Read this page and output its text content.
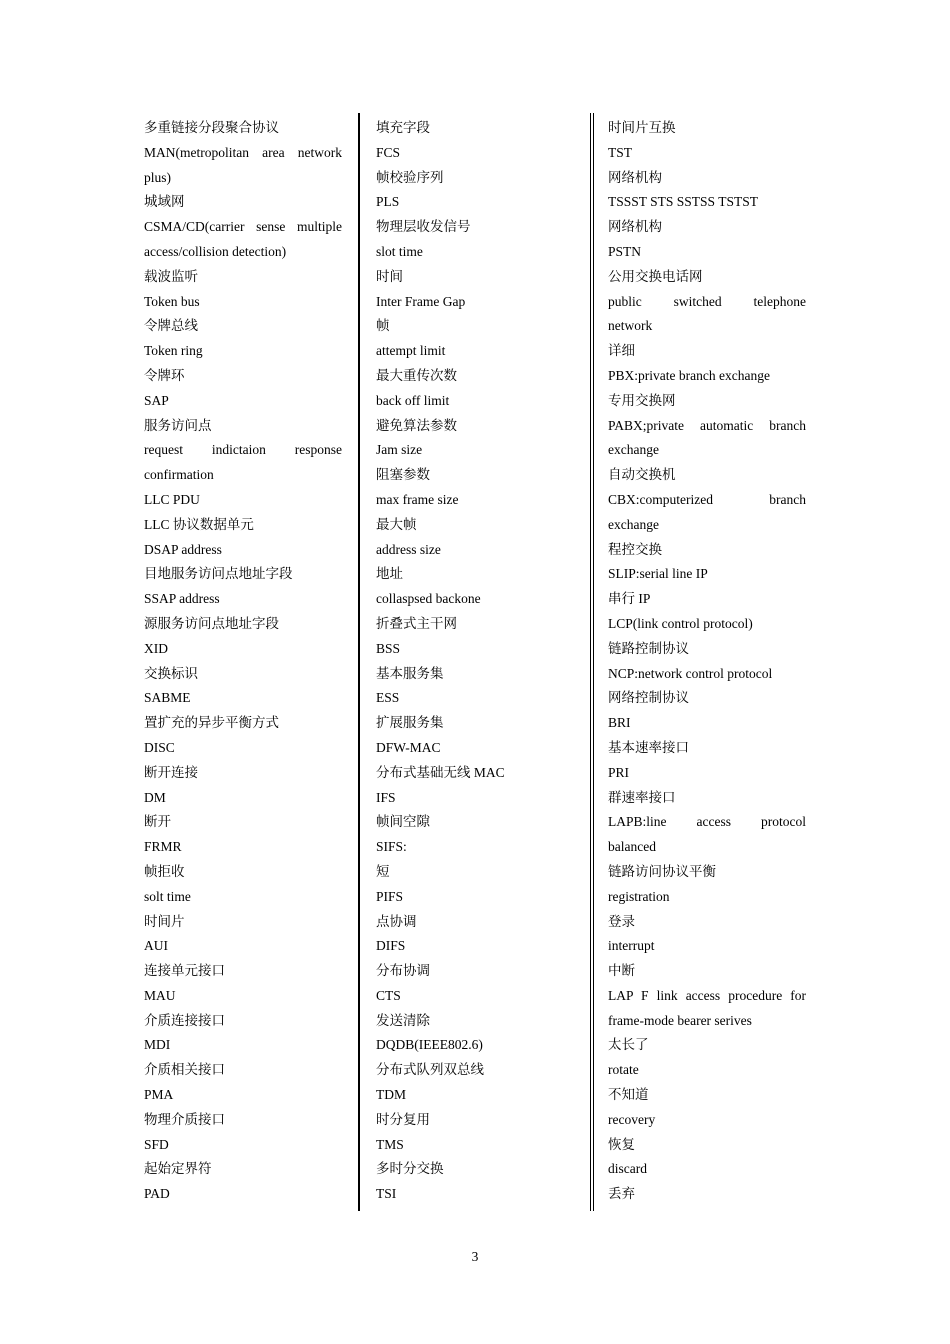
多重链接分段聚合协议
MAN(metropolitan area network
plus)
城域网
CSMA/CD(carrier sense multiple
access/collision detection)
载波监听
Token bus
令牌总线
Token ring
令牌环
SAP
服务访问点
request indictaion response
confirmation
LLC PDU
LLC 协议数据单元
DSAP address
目地服务访问点地址字段
SSAP address
源服务访问点地址字段
XID
交换标识
SABME
置扩充的异步平衡方式
DISC
断开连接
DM
断开
FRMR
帧拒收
solt time
时间片
AUI
连接单元接口
MAU
介质连接接口
MDI
介质相关接口
PMA
物理介质接口
SFD
起始定界符
PAD
填充字段
FCS
帧校验序列
PLS
物理层收发信号
slot time
时间
Inter Frame Gap
帧
attempt limit
最大重传次数
back off limit
避免算法参数
Jam size
阻塞参数
max frame size
最大帧
address size
地址
collaspsed backone
折叠式主干网
BSS
基本服务集
ESS
扩展服务集
DFW-MAC
分布式基础无线 MAC
IFS
帧间空隙
SIFS:
短
PIFS
点协调
DIFS
分布协调
CTS
发送清除
DQDB(IEEE802.6)
分布式队列双总线
TDM
时分复用
TMS
多时分交换
TSI
时间片互换
TST
网络机构
TSSST STS SSTSS TSTST
网络机构
PSTN
公用交换电话网
public switched telephone
network
详细
PBX:private branch exchange
专用交换网
PABX;private automatic branch
exchange
自动交换机
CBX:computerized branch
exchange
程控交换
SLIP:serial line IP
串行 IP
LCP(link control protocol)
链路控制协议
NCP:network control protocol
网络控制协议
BRI
基本速率接口
PRI
群速率接口
LAPB:line access protocol
balanced
链路访问协议平衡
registration
登录
interrupt
中断
LAP F link access procedure for
frame-mode bearer serives
太长了
rotate
不知道
recovery
恢复
discard
丢弃
3
